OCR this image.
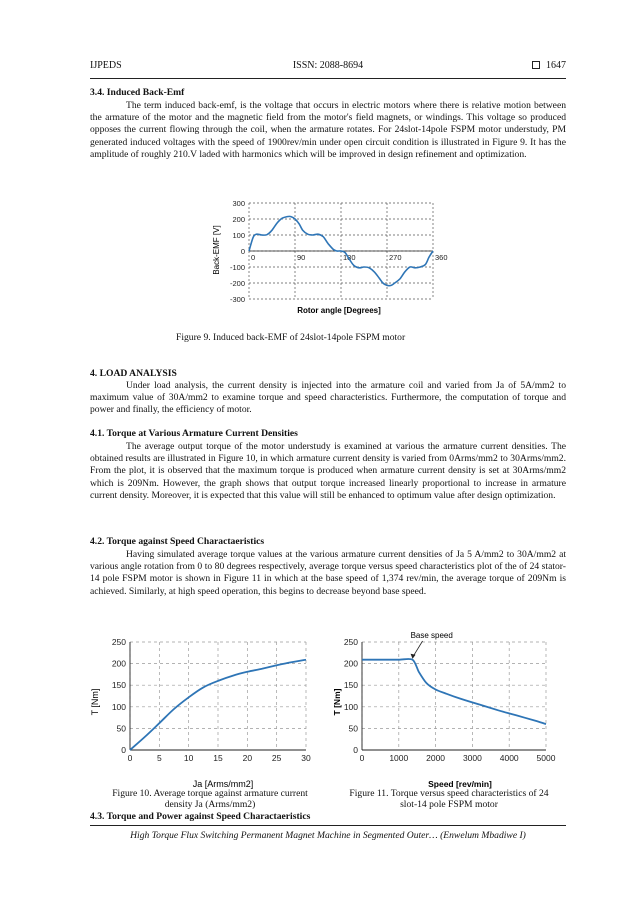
IJPEDS	ISSN: 2088-8694	1647
3.4. Induced Back-Emf
The term induced back-emf, is the voltage that occurs in electric motors where there is relative motion between the armature of the motor and the magnetic field from the motor's field magnets, or windings. This voltage so produced opposes the current flowing through the coil, when the armature rotates. For 24slot-14pole FSPM motor understudy, PM generated induced voltages with the speed of 1900rev/min under open circuit condition is illustrated in Figure 9. It has the amplitude of roughly 210.V laded with harmonics which will be improved in design refinement and optimization.
0	90	180	270	360
300
200
100
0
-100
-200
-300
Rotor angle [Degrees]
Back-EMF [V]
Figure 9. Induced back-EMF of 24slot-14pole FSPM motor
4. LOAD ANALYSIS
Under load analysis, the current density is injected into the armature coil and varied from Ja of 5A/mm2 to maximum value of 30A/mm2 to examine torque and speed characteristics. Furthermore, the computation of torque and power and finally, the efficiency of motor.
4.1. Torque at Various Armature Current Densities
The average output torque of the motor understudy is examined at various the armature current densities. The obtained results are illustrated in Figure 10, in which armature current density is varied from 0Arms/mm2 to 30Arms/mm2. From the plot, it is observed that the maximum torque is produced when armature current density is set at 30Arms/mm2 which is 209Nm. However, the graph shows that output torque increased linearly proportional to increase in armature current density. Moreover, it is expected that this value will still be enhanced to optimum value after design optimization.
4.2. Torque against Speed Charactaeristics
Having simulated average torque values at the various armature current densities of Ja 5 A/mm2 to 30A/mm2 at various angle rotation from 0 to 80 degrees respectively, average torque versus speed characteristics plot of the of 24 stator-14 pole FSPM motor is shown in Figure 11 in which at the base speed of 1,374 rev/min, the average torque of 209Nm is achieved. Similarly, at high speed operation, this begins to decrease beyond base speed.
0	5	10 15 20 25 30
0
50
100
150
200
250
Ja [Arms/mm2]
T [Nm]
0	1000 2000 3000 4000 5000
0
50
100
150
200
250
Base speed
Speed [rev/min]
T [Nm]
Figure 10. Average torque against armature current
density Ja (Arms/mm2)
Figure 11. Torque versus speed characteristics of 24
slot-14 pole FSPM motor
4.3. Torque and Power against Speed Charactaeristics
High Torque Flux Switching Permanent Magnet Machine in Segmented Outer… (Enwelum Mbadiwe I)
